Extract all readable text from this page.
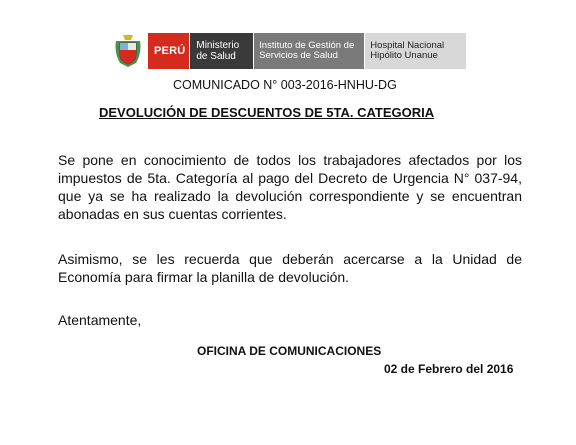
PERÚ Ministerio
de Salud
Instituto de Gestión de
Servicios de Salud
Hospital Nacional
Hipólito Unanue
COMUNICADO N° 003-2016-HNHU-DG
DEVOLUCIÓN DE DESCUENTOS DE 5TA. CATEGORIA

Se pone en conocimiento de todos los trabajadores afectados por los impuestos de 5ta. Categoría al pago del Decreto de Urgencia N° 037-94, que ya se ha realizado la devolución correspondiente y se encuentran abonadas en sus cuentas corrientes.

Asimismo, se les recuerda que deberán acercarse a la Unidad de Economía para firmar la planilla de devolución.

Atentamente,

OFICINA DE COMUNICACIONES
02 de Febrero del 2016
